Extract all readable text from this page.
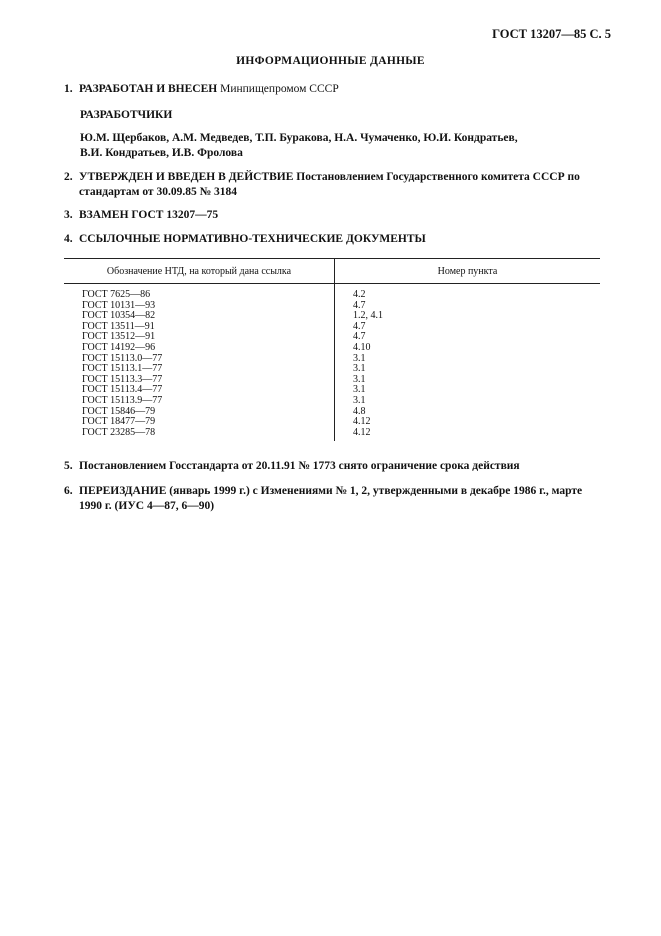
ГОСТ 13207—85 С. 5
ИНФОРМАЦИОННЫЕ ДАННЫЕ
1. РАЗРАБОТАН И ВНЕСЕН Минпищепромом СССР
РАЗРАБОТЧИКИ
Ю.М. Щербаков, А.М. Медведев, Т.П. Буракова, Н.А. Чумаченко, Ю.И. Кондратьев,
В.И. Кондратьев, И.В. Фролова
2. УТВЕРЖДЕН И ВВЕДЕН В ДЕЙСТВИЕ Постановлением Государственного комитета СССР по
стандартам от 30.09.85 № 3184
3. ВЗАМЕН ГОСТ 13207—75
4. ССЫЛОЧНЫЕ НОРМАТИВНО-ТЕХНИЧЕСКИЕ ДОКУМЕНТЫ
Обозначение НТД, на который дана ссылка	Номер пункта
ГОСТ 7625—86	4.2
ГОСТ 10131—93	4.7
ГОСТ 10354—82	1.2, 4.1
ГОСТ 13511—91	4.7
ГОСТ 13512—91	4.7
ГОСТ 14192—96	4.10
ГОСТ 15113.0—77	3.1
ГОСТ 15113.1—77	3.1
ГОСТ 15113.3—77	3.1
ГОСТ 15113.4—77	3.1
ГОСТ 15113.9—77	3.1
ГОСТ 15846—79	4.8
ГОСТ 18477—79	4.12
ГОСТ 23285—78	4.12
5. Постановлением Госстандарта от 20.11.91 № 1773 снято ограничение срока действия
6. ПЕРЕИЗДАНИЕ (январь 1999 г.) с Изменениями № 1, 2, утвержденными в декабре 1986 г., марте
1990 г. (ИУС 4—87, 6—90)
